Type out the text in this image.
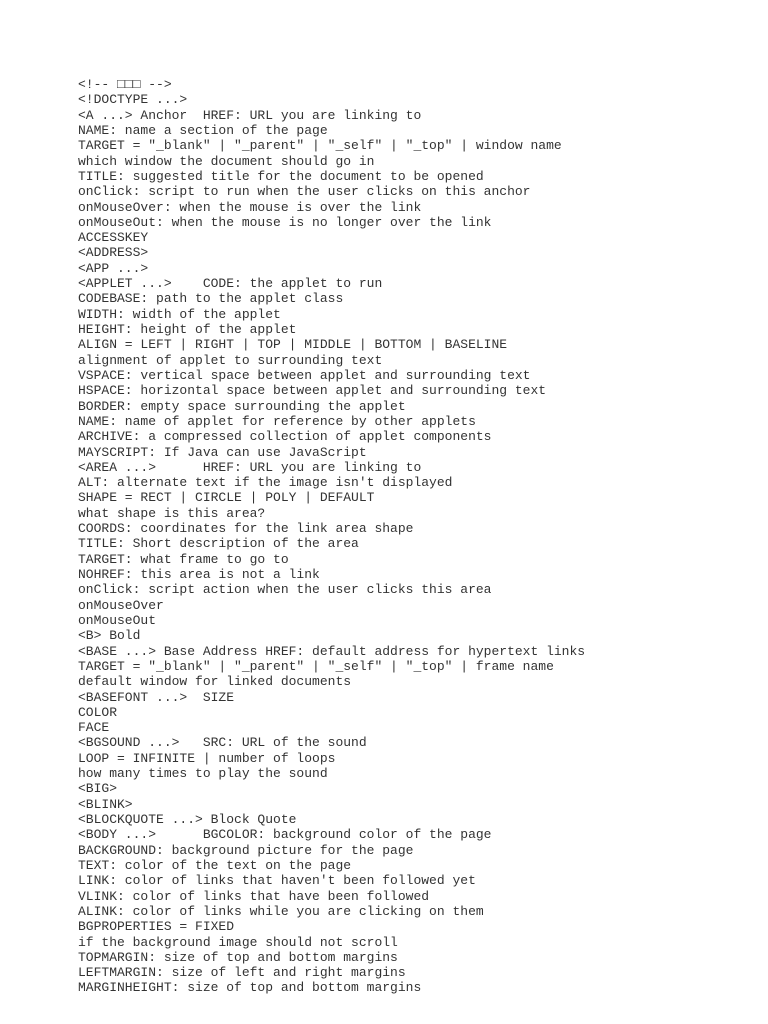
<!-- □□□ -->
<!DOCTYPE ...>
<A ...> Anchor  HREF: URL you are linking to
NAME: name a section of the page
TARGET = "_blank" | "_parent" | "_self" | "_top" | window name
which window the document should go in
TITLE: suggested title for the document to be opened
onClick: script to run when the user clicks on this anchor
onMouseOver: when the mouse is over the link
onMouseOut: when the mouse is no longer over the link
ACCESSKEY
<ADDRESS>
<APP ...>
<APPLET ...>    CODE: the applet to run
CODEBASE: path to the applet class
WIDTH: width of the applet
HEIGHT: height of the applet
ALIGN = LEFT | RIGHT | TOP | MIDDLE | BOTTOM | BASELINE
alignment of applet to surrounding text
VSPACE: vertical space between applet and surrounding text
HSPACE: horizontal space between applet and surrounding text
BORDER: empty space surrounding the applet
NAME: name of applet for reference by other applets
ARCHIVE: a compressed collection of applet components
MAYSCRIPT: If Java can use JavaScript
<AREA ...>      HREF: URL you are linking to
ALT: alternate text if the image isn't displayed
SHAPE = RECT | CIRCLE | POLY | DEFAULT
what shape is this area?
COORDS: coordinates for the link area shape
TITLE: Short description of the area
TARGET: what frame to go to
NOHREF: this area is not a link
onClick: script action when the user clicks this area
onMouseOver
onMouseOut
<B> Bold
<BASE ...> Base Address HREF: default address for hypertext links
TARGET = "_blank" | "_parent" | "_self" | "_top" | frame name
default window for linked documents
<BASEFONT ...>  SIZE
COLOR
FACE
<BGSOUND ...>   SRC: URL of the sound
LOOP = INFINITE | number of loops
how many times to play the sound
<BIG>
<BLINK>
<BLOCKQUOTE ...> Block Quote
<BODY ...>      BGCOLOR: background color of the page
BACKGROUND: background picture for the page
TEXT: color of the text on the page
LINK: color of links that haven't been followed yet
VLINK: color of links that have been followed
ALINK: color of links while you are clicking on them
BGPROPERTIES = FIXED
if the background image should not scroll
TOPMARGIN: size of top and bottom margins
LEFTMARGIN: size of left and right margins
MARGINHEIGHT: size of top and bottom margins
